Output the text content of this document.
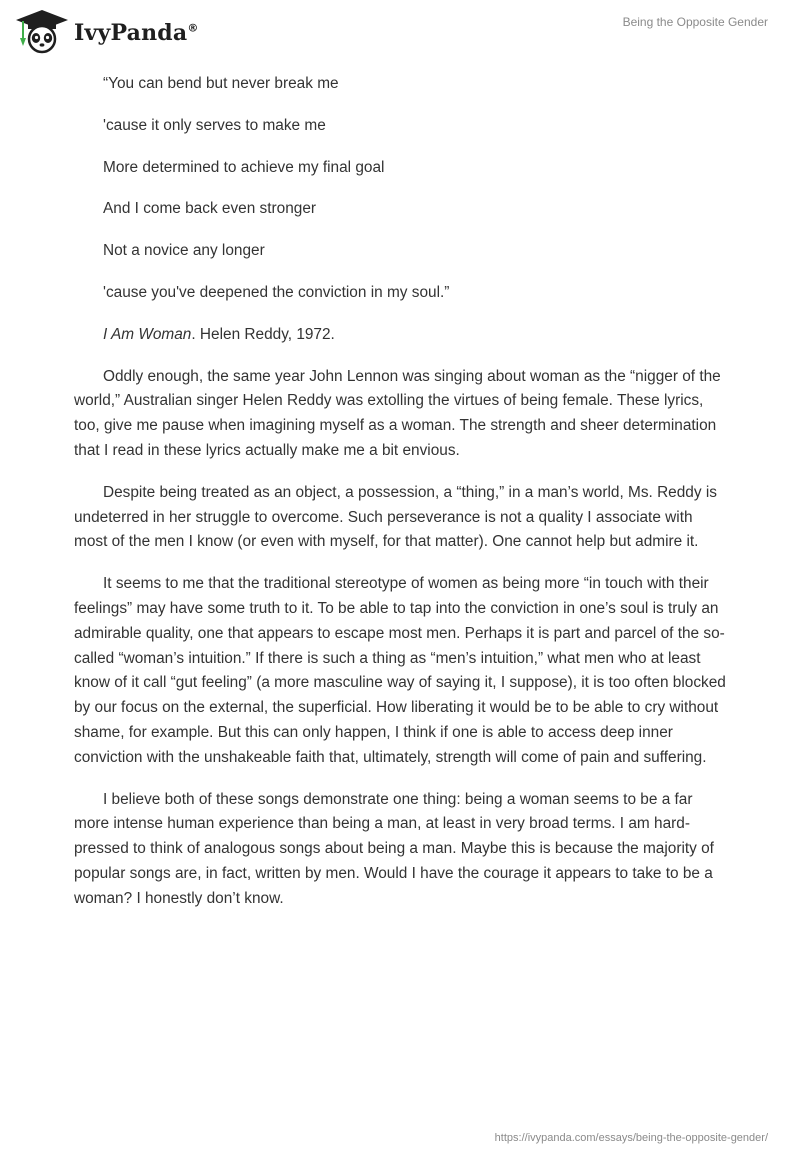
IvyPanda®	Being the Opposite Gender

“You can bend but never break me

'cause it only serves to make me

More determined to achieve my final goal

And I come back even stronger

Not a novice any longer

'cause you've deepened the conviction in my soul.”

I Am Woman. Helen Reddy, 1972.

Oddly enough, the same year John Lennon was singing about woman as the “nigger of the world,” Australian singer Helen Reddy was extolling the virtues of being female. These lyrics, too, give me pause when imagining myself as a woman. The strength and sheer determination that I read in these lyrics actually make me a bit envious.

Despite being treated as an object, a possession, a “thing,” in a man’s world, Ms. Reddy is undeterred in her struggle to overcome. Such perseverance is not a quality I associate with most of the men I know (or even with myself, for that matter). One cannot help but admire it.

It seems to me that the traditional stereotype of women as being more “in touch with their feelings” may have some truth to it. To be able to tap into the conviction in one’s soul is truly an admirable quality, one that appears to escape most men. Perhaps it is part and parcel of the so-called “woman’s intuition.” If there is such a thing as “men’s intuition,” what men who at least know of it call “gut feeling” (a more masculine way of saying it, I suppose), it is too often blocked by our focus on the external, the superficial. How liberating it would be to be able to cry without shame, for example. But this can only happen, I think if one is able to access deep inner conviction with the unshakeable faith that, ultimately, strength will come of pain and suffering.

I believe both of these songs demonstrate one thing: being a woman seems to be a far more intense human experience than being a man, at least in very broad terms. I am hard-pressed to think of analogous songs about being a man. Maybe this is because the majority of popular songs are, in fact, written by men. Would I have the courage it appears to take to be a woman? I honestly don’t know.

https://ivypanda.com/essays/being-the-opposite-gender/
